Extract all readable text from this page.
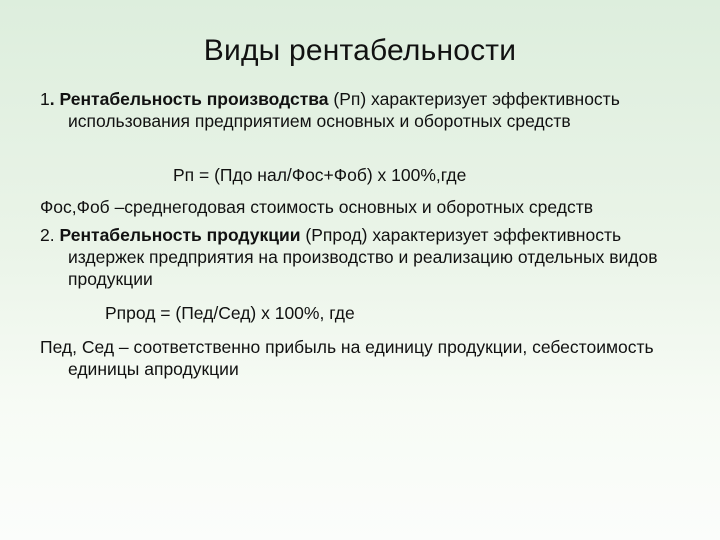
Виды рентабельности

1. Рентабельность производства (Рп) характеризует эффективность использования предприятием основных и оборотных средств

Рп = (Пдо нал/Фос+Фоб) х 100%,где

Фос,Фоб –среднегодовая стоимость основных и оборотных средств

2. Рентабельность продукции (Рпрод) характеризует эффективность издержек предприятия на производство и реализацию отдельных видов продукции

Рпрод = (Пед/Сед) х 100%, где

Пед, Сед – соответственно прибыль на единицу продукции, себестоимость единицы апродукции
